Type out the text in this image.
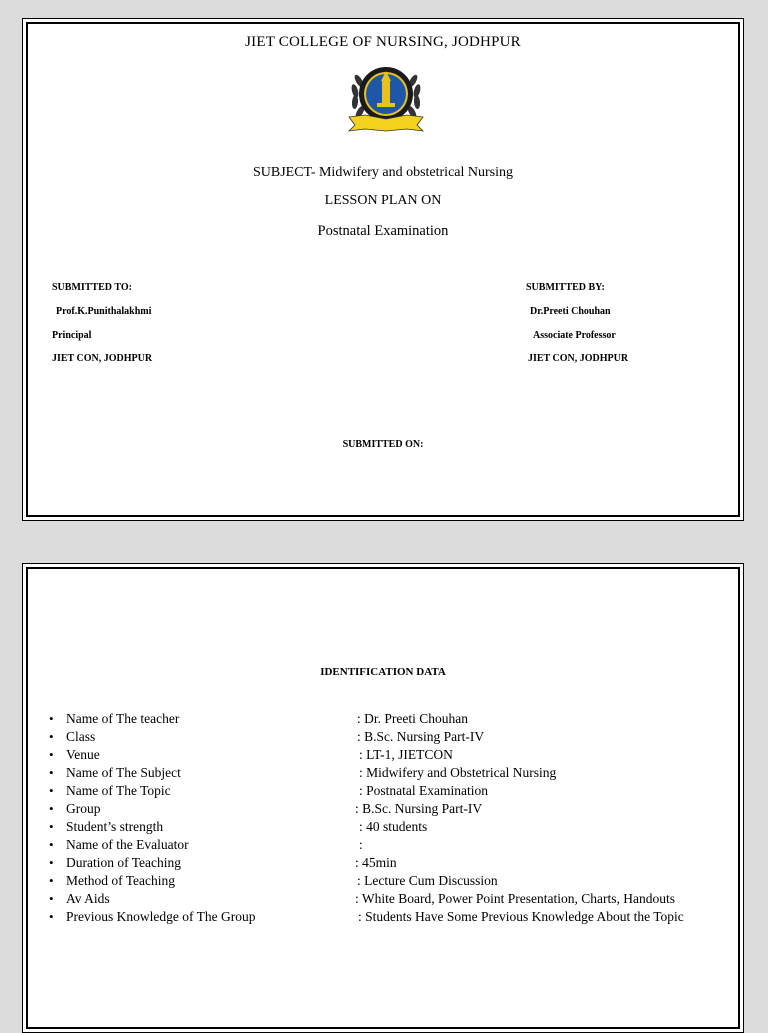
JIET COLLEGE OF NURSING, JODHPUR
SUBJECT- Midwifery and obstetrical Nursing
LESSON PLAN ON
Postnatal Examination
SUBMITTED TO:
Prof.K.Punithalakhmi
Principal
JIET CON, JODHPUR
SUBMITTED BY:
Dr.Preeti Chouhan
Associate Professor
JIET CON, JODHPUR
SUBMITTED ON:
IDENTIFICATION DATA
• Name of The teacher	: Dr. Preeti Chouhan
• Class	: B.Sc. Nursing Part-IV
• Venue	: LT-1, JIETCON
• Name of The Subject	: Midwifery and Obstetrical Nursing
• Name of The Topic	: Postnatal Examination
• Group	: B.Sc. Nursing Part-IV
• Student’s strength	: 40 students
• Name of the Evaluator	:
• Duration of Teaching	: 45min
• Method of Teaching	: Lecture Cum Discussion
• Av Aids	: White Board, Power Point Presentation, Charts, Handouts
• Previous Knowledge of The Group	: Students Have Some Previous Knowledge About the Topic
